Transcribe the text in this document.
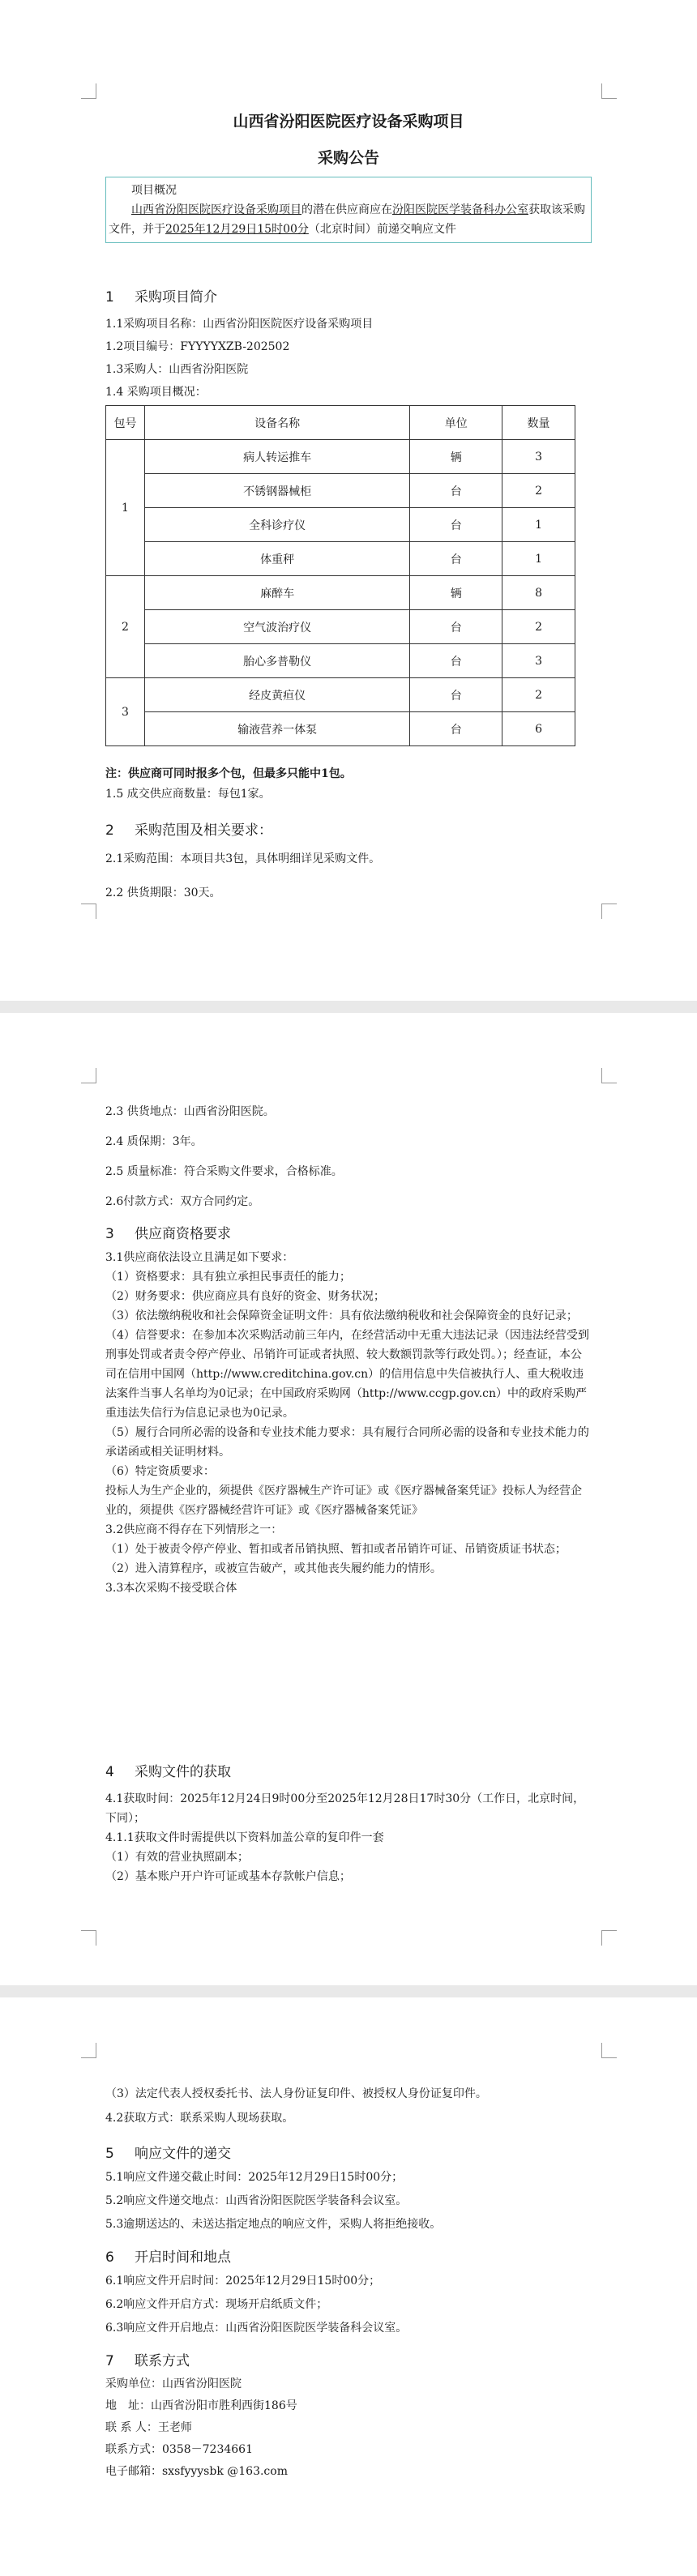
山西省汾阳医院医疗设备采购项目
采购公告
项目概况
山西省汾阳医院医疗设备采购项目的潜在供应商应在汾阳医院医学装备科办公室获取该采购文件，并于2025年12月29日15时00分（北京时间）前递交响应文件
1 采购项目简介
1.1采购项目名称：山西省汾阳医院医疗设备采购项目
1.2项目编号：FYYYYXZB-202502
1.3采购人：山西省汾阳医院
1.4 采购项目概况：
包号	设备名称	单位	数量
1	病人转运推车	辆	3
	不锈钢器械柜	台	2
	全科诊疗仪	台	1
	体重秤	台	1
2	麻醉车	辆	8
	空气波治疗仪	台	2
	胎心多普勒仪	台	3
3	经皮黄疸仪	台	2
	输液营养一体泵	台	6
注：供应商可同时报多个包，但最多只能中1包。
1.5 成交供应商数量：每包1家。
2 采购范围及相关要求：
2.1采购范围：本项目共3包，具体明细详见采购文件。
2.2 供货期限：30天。
2.3 供货地点：山西省汾阳医院。
2.4 质保期：3年。
2.5 质量标准：符合采购文件要求，合格标准。
2.6付款方式：双方合同约定。
3 供应商资格要求
3.1供应商依法设立且满足如下要求：
（1）资格要求：具有独立承担民事责任的能力；
（2）财务要求：供应商应具有良好的资金、财务状况；
（3）依法缴纳税收和社会保障资金证明文件：具有依法缴纳税收和社会保障资金的良好记录；
（4）信誉要求：在参加本次采购活动前三年内，在经营活动中无重大违法记录（因违法经营受到刑事处罚或者责令停产停业、吊销许可证或者执照、较大数额罚款等行政处罚。）；经查证，本公司在信用中国网（http://www.creditchina.gov.cn）的信用信息中失信被执行人、重大税收违法案件当事人名单均为0记录；在中国政府采购网（http://www.ccgp.gov.cn）中的政府采购严重违法失信行为信息记录也为0记录。
（5）履行合同所必需的设备和专业技术能力要求：具有履行合同所必需的设备和专业技术能力的承诺函或相关证明材料。
（6）特定资质要求：
投标人为生产企业的，须提供《医疗器械生产许可证》或《医疗器械备案凭证》投标人为经营企业的，须提供《医疗器械经营许可证》或《医疗器械备案凭证》
3.2供应商不得存在下列情形之一：
（1）处于被责令停产停业、暂扣或者吊销执照、暂扣或者吊销许可证、吊销资质证书状态；
（2）进入清算程序，或被宣告破产，或其他丧失履约能力的情形。
3.3本次采购不接受联合体
4 采购文件的获取
4.1获取时间：2025年12月24日9时00分至2025年12月28日17时30分（工作日，北京时间，下同）；
4.1.1获取文件时需提供以下资料加盖公章的复印件一套
（1）有效的营业执照副本；
（2）基本账户开户许可证或基本存款帐户信息；
（3）法定代表人授权委托书、法人身份证复印件、被授权人身份证复印件。
4.2获取方式：联系采购人现场获取。
5 响应文件的递交
5.1响应文件递交截止时间：2025年12月29日15时00分；
5.2响应文件递交地点：山西省汾阳医院医学装备科会议室。
5.3逾期送达的、未送达指定地点的响应文件，采购人将拒绝接收。
6 开启时间和地点
6.1响应文件开启时间：2025年12月29日15时00分；
6.2响应文件开启方式：现场开启纸质文件；
6.3响应文件开启地点：山西省汾阳医院医学装备科会议室。
7 联系方式
采购单位：山西省汾阳医院
地　址：山西省汾阳市胜利西街186号
联 系 人：王老师
联系方式：0358－7234661
电子邮箱：sxsfyyysbk @163.com
